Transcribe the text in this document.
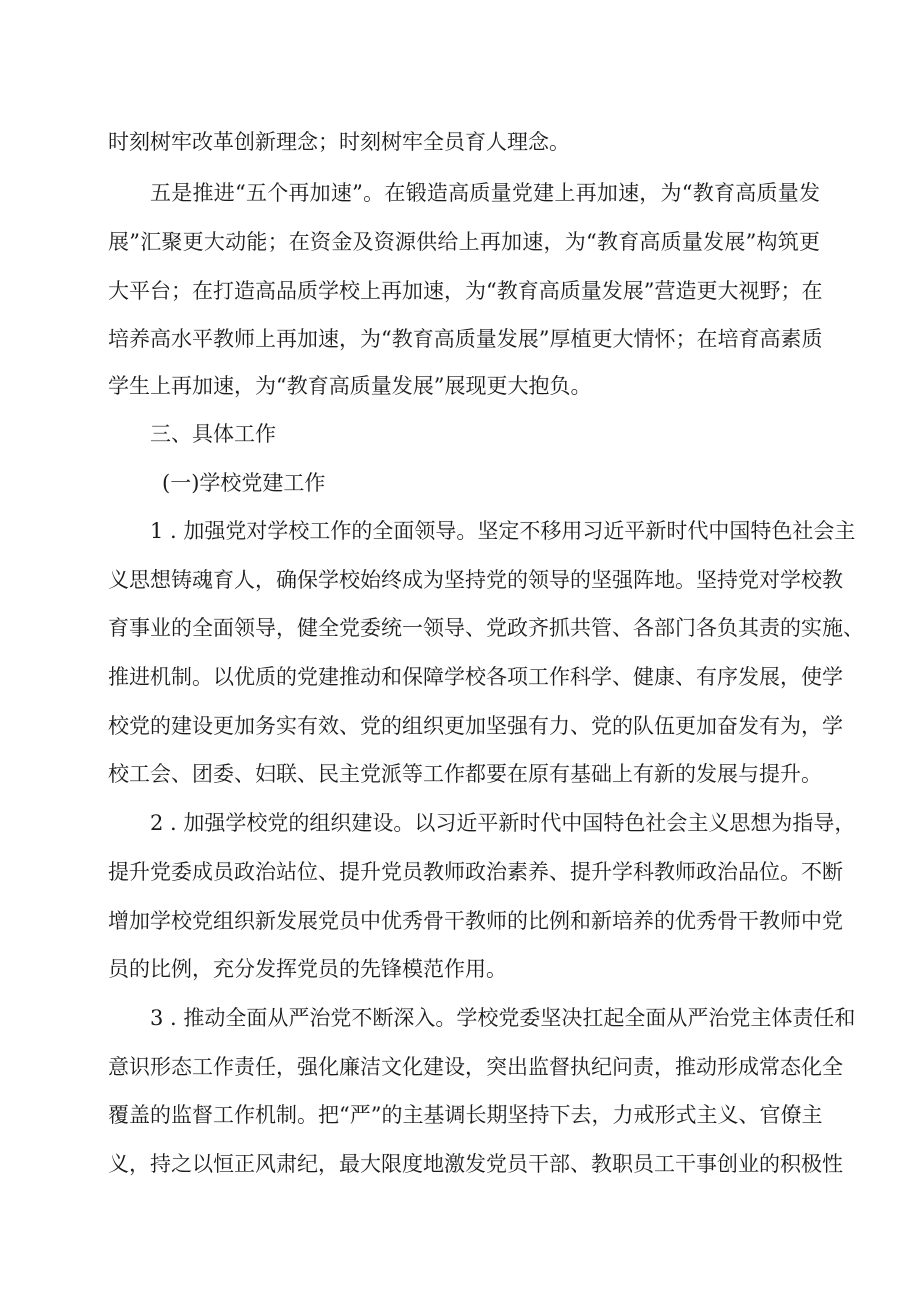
时刻树牢改革创新理念；时刻树牢全员育人理念。
五是推进“五个再加速”。在锻造高质量党建上再加速，为“教育高质量发
展”汇聚更大动能；在资金及资源供给上再加速，为“教育高质量发展”构筑更
大平台；在打造高品质学校上再加速，为“教育高质量发展”营造更大视野；在
培养高水平教师上再加速，为“教育高质量发展”厚植更大情怀；在培育高素质
学生上再加速，为“教育高质量发展”展现更大抱负。
三、具体工作
(一)学校党建工作
1 . 加强党对学校工作的全面领导。坚定不移用习近平新时代中国特色社会主
义思想铸魂育人，确保学校始终成为坚持党的领导的坚强阵地。坚持党对学校教
育事业的全面领导，健全党委统一领导、党政齐抓共管、各部门各负其责的实施、
推进机制。以优质的党建推动和保障学校各项工作科学、健康、有序发展，使学
校党的建设更加务实有效、党的组织更加坚强有力、党的队伍更加奋发有为，学
校工会、团委、妇联、民主党派等工作都要在原有基础上有新的发展与提升。
2 . 加强学校党的组织建设。以习近平新时代中国特色社会主义思想为指导，
提升党委成员政治站位、提升党员教师政治素养、提升学科教师政治品位。不断
增加学校党组织新发展党员中优秀骨干教师的比例和新培养的优秀骨干教师中党
员的比例，充分发挥党员的先锋模范作用。
3 . 推动全面从严治党不断深入。学校党委坚决扛起全面从严治党主体责任和
意识形态工作责任，强化廉洁文化建设，突出监督执纪问责，推动形成常态化全
覆盖的监督工作机制。把“严”的主基调长期坚持下去，力戒形式主义、官僚主
义，持之以恒正风肃纪，最大限度地激发党员干部、教职员工干事创业的积极性
